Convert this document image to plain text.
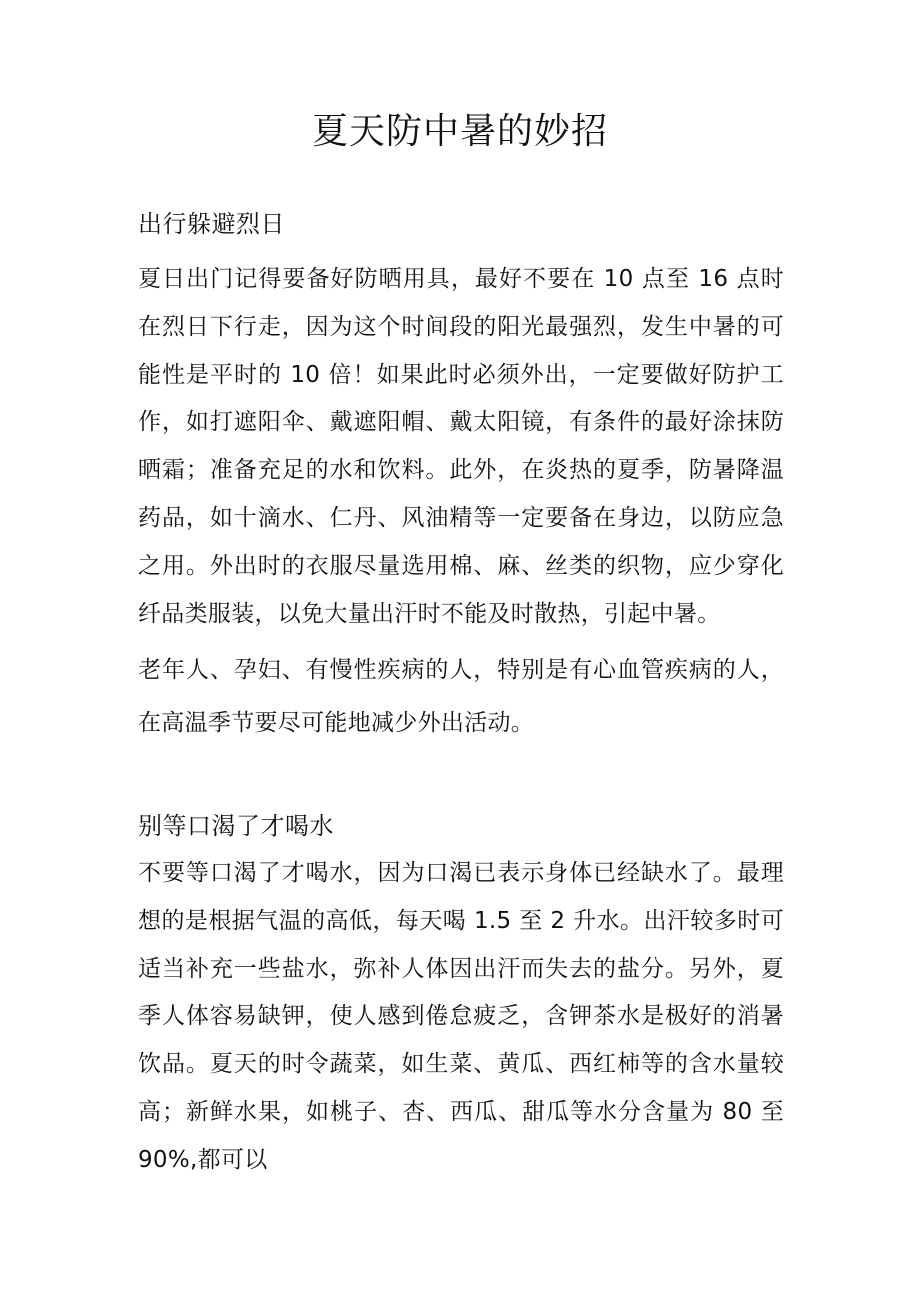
夏天防中暑的妙招
出行躲避烈日

夏日出门记得要备好防晒用具，最好不要在 10 点至 16 点时在烈日下行走，因为这个时间段的阳光最强烈，发生中暑的可能性是平时的 10 倍！如果此时必须外出，一定要做好防护工作，如打遮阳伞、戴遮阳帽、戴太阳镜，有条件的最好涂抹防晒霜；准备充足的水和饮料。此外，在炎热的夏季，防暑降温药品，如十滴水、仁丹、风油精等一定要备在身边，以防应急之用。外出时的衣服尽量选用棉、麻、丝类的织物，应少穿化纤品类服装，以免大量出汗时不能及时散热，引起中暑。

老年人、孕妇、有慢性疾病的人，特别是有心血管疾病的人，在高温季节要尽可能地减少外出活动。

别等口渴了才喝水

不要等口渴了才喝水，因为口渴已表示身体已经缺水了。最理想的是根据气温的高低，每天喝 1.5 至 2 升水。出汗较多时可适当补充一些盐水，弥补人体因出汗而失去的盐分。另外，夏季人体容易缺钾，使人感到倦怠疲乏，含钾茶水是极好的消暑饮品。夏天的时令蔬菜，如生菜、黄瓜、西红柿等的含水量较高；新鲜水果，如桃子、杏、西瓜、甜瓜等水分含量为 80 至 90%,都可以
